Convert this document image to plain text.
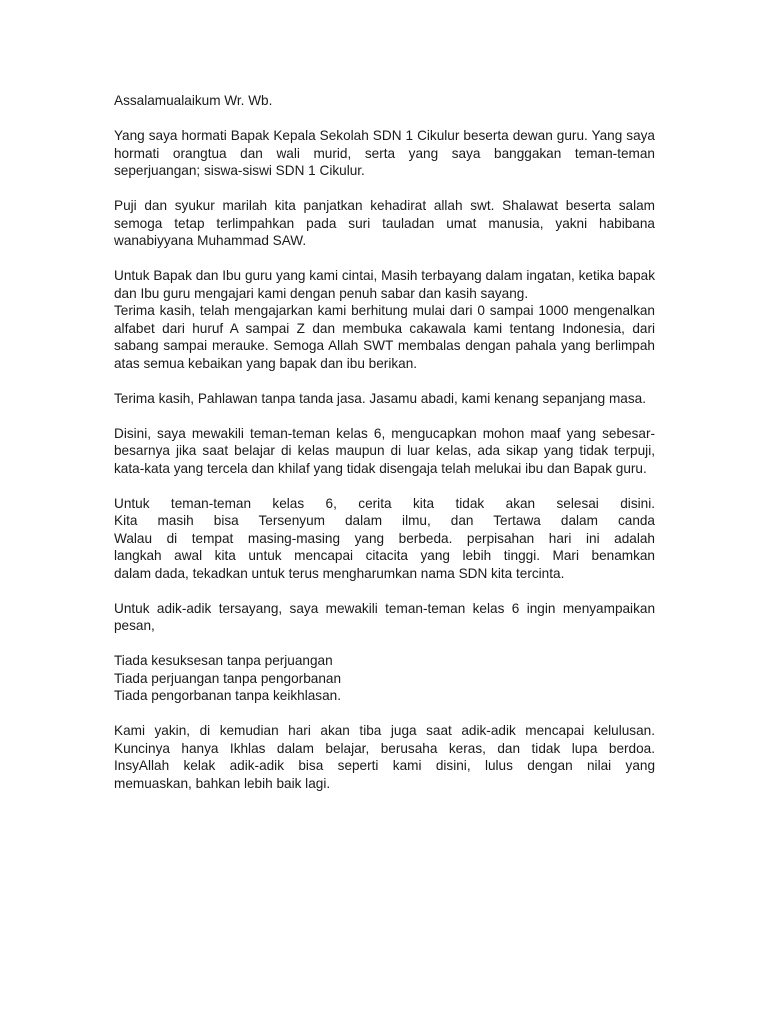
Assalamualaikum Wr. Wb.

Yang saya hormati Bapak Kepala Sekolah SDN 1 Cikulur beserta dewan guru. Yang saya hormati orangtua dan wali murid, serta yang saya banggakan teman-teman seperjuangan; siswa-siswi SDN 1 Cikulur.

Puji dan syukur marilah kita panjatkan kehadirat allah swt. Shalawat beserta salam semoga tetap terlimpahkan pada suri tauladan umat manusia, yakni habibana wanabiyyana Muhammad SAW.

Untuk Bapak dan Ibu guru yang kami cintai, Masih terbayang dalam ingatan, ketika bapak dan Ibu guru mengajari kami dengan penuh sabar dan kasih sayang.

Terima kasih, telah mengajarkan kami berhitung mulai dari 0 sampai 1000 mengenalkan alfabet dari huruf A sampai Z dan membuka cakawala kami tentang Indonesia, dari sabang sampai merauke. Semoga Allah SWT membalas dengan pahala yang berlimpah atas semua kebaikan yang bapak dan ibu berikan.

Terima kasih, Pahlawan tanpa tanda jasa. Jasamu abadi, kami kenang sepanjang masa.

Disini, saya mewakili teman-teman kelas 6, mengucapkan mohon maaf yang sebesar-besarnya jika saat belajar di kelas maupun di luar kelas, ada sikap yang tidak terpuji, kata-kata yang tercela dan khilaf yang tidak disengaja telah melukai ibu dan Bapak guru.

Untuk teman-teman kelas 6, cerita kita tidak akan selesai disini.
Kita masih bisa Tersenyum dalam ilmu, dan Tertawa dalam canda
Walau di tempat masing-masing yang berbeda. perpisahan hari ini adalah
langkah awal kita untuk mencapai citacita yang lebih tinggi. Mari benamkan
dalam dada, tekadkan untuk terus mengharumkan nama SDN kita tercinta.

Untuk adik-adik tersayang, saya mewakili teman-teman kelas 6 ingin menyampaikan pesan,

Tiada kesuksesan tanpa perjuangan
Tiada perjuangan tanpa pengorbanan
Tiada pengorbanan tanpa keikhlasan.

Kami yakin, di kemudian hari akan tiba juga saat adik-adik mencapai kelulusan.
Kuncinya hanya Ikhlas dalam belajar, berusaha keras, dan tidak lupa berdoa.
InsyAllah kelak adik-adik bisa seperti kami disini, lulus dengan nilai yang
memuaskan, bahkan lebih baik lagi.
